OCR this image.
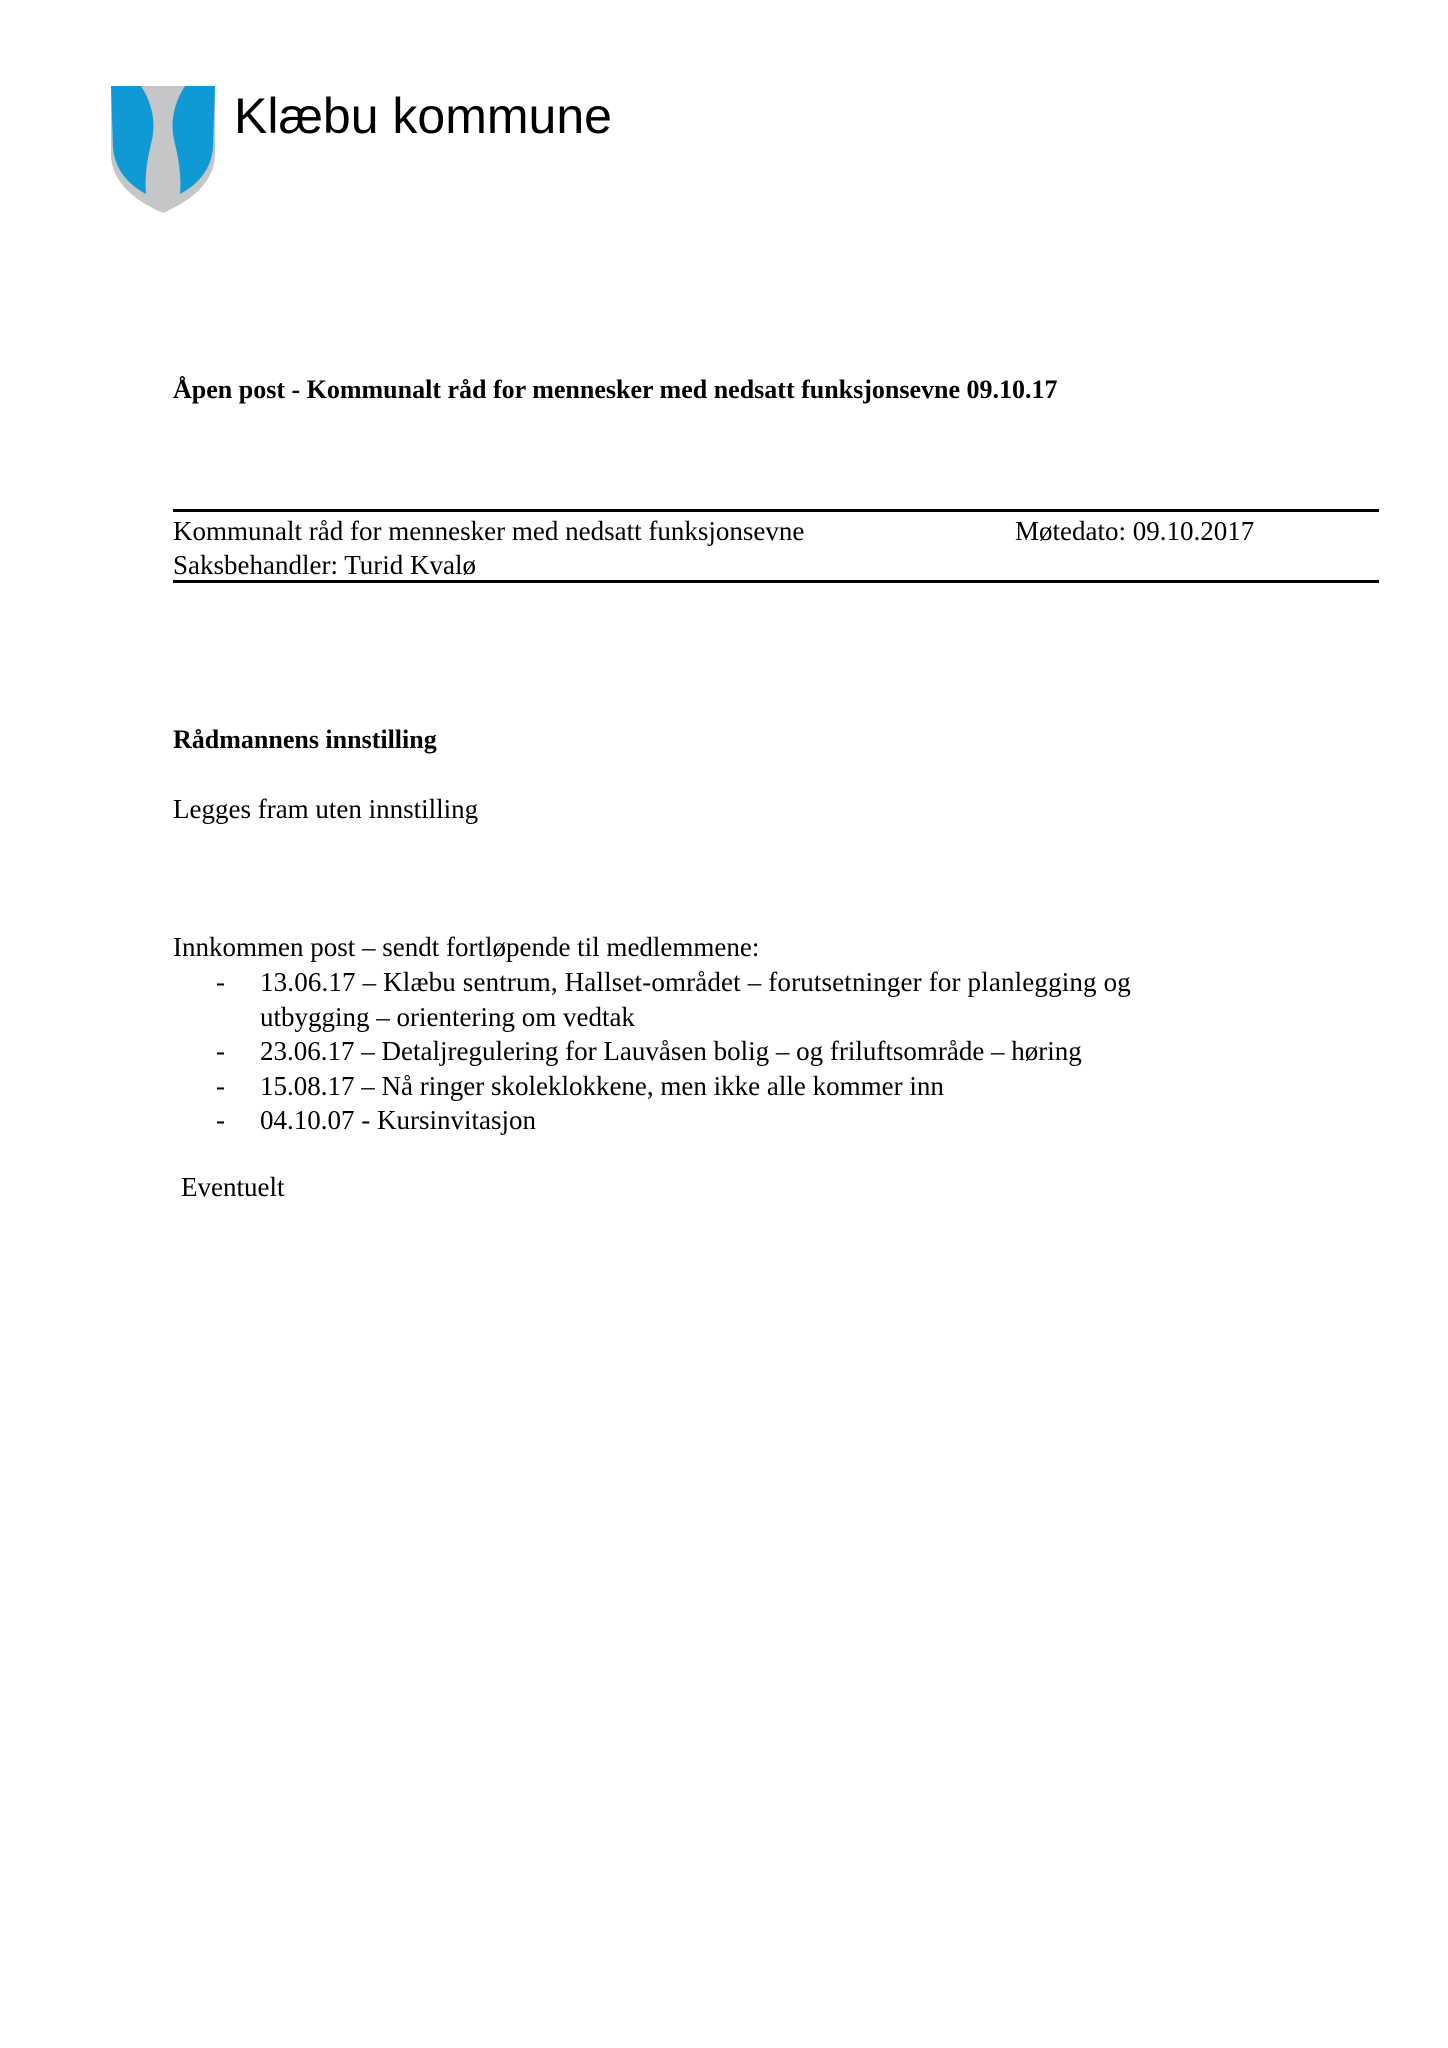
Klæbu kommune
Åpen post - Kommunalt råd for mennesker med nedsatt funksjonsevne 09.10.17
Kommunalt råd for mennesker med nedsatt funksjonsevne	Møtedato: 09.10.2017
Saksbehandler: Turid Kvalø
Rådmannens innstilling
Legges fram uten innstilling
Innkommen post – sendt fortløpende til medlemmene:
- 13.06.17 – Klæbu sentrum, Hallset-området – forutsetninger for planlegging og
utbygging – orientering om vedtak
- 23.06.17 – Detaljregulering for Lauvåsen bolig – og friluftsområde – høring
- 15.08.17 – Nå ringer skoleklokkene, men ikke alle kommer inn
- 04.10.07 - Kursinvitasjon
Eventuelt
